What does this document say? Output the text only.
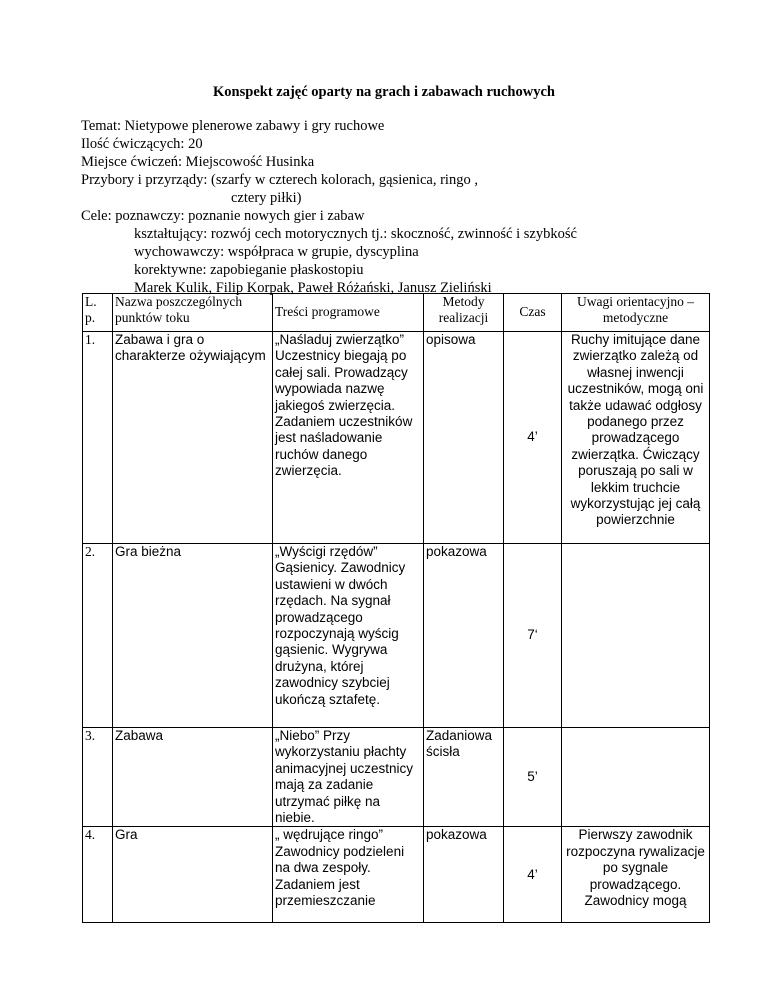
Konspekt zajęć oparty na grach i zabawach ruchowych
Temat: Nietypowe plenerowe zabawy i gry ruchowe
Ilość ćwiczących: 20
Miejsce ćwiczeń: Miejscowość Husinka
Przybory i przyrządy: (szarfy w czterech kolorach, gąsienica, ringo ,
cztery piłki)
Cele: poznawczy: poznanie nowych gier i zabaw
kształtujący: rozwój cech motorycznych tj.: skoczność, zwinność i szybkość
wychowawczy: współpraca w grupie, dyscyplina
korektywne: zapobieganie płaskostopiu
Marek Kulik, Filip Korpak, Paweł Różański, Janusz Zieliński
L. p.	Nazwa poszczególnych punktów toku	Treści programowe	Metody realizacji	Czas	Uwagi orientacyjno – metodyczne
1.	Zabawa i gra o charakterze ożywiającym	„Naśladuj zwierzątko” Uczestnicy biegają po całej sali. Prowadzący wypowiada nazwę jakiegoś zwierzęcia. Zadaniem uczestników jest naśladowanie ruchów danego zwierzęcia.	opisowa	4’	Ruchy imitujące dane zwierzątko zależą od własnej inwencji uczestników, mogą oni także udawać odgłosy podanego przez prowadzącego zwierzątka. Ćwiczący poruszają po sali w lekkim truchcie wykorzystując jej całą powierzchnie
2.	Gra bieżna	„Wyścigi rzędów” Gąsienicy. Zawodnicy ustawieni w dwóch rzędach. Na sygnał prowadzącego rozpoczynają wyścig gąsienic. Wygrywa drużyna, której zawodnicy szybciej ukończą sztafetę.	pokazowa	7‘	
3.	Zabawa	„Niebo” Przy wykorzystaniu płachty animacyjnej uczestnicy mają za zadanie utrzymać piłkę na niebie.	Zadaniowa ścisła	5’	
4.	Gra	„ wędrujące ringo” Zawodnicy podzieleni na dwa zespoły. Zadaniem jest przemieszczanie	pokazowa	4’	Pierwszy zawodnik rozpoczyna rywalizacje po sygnale prowadzącego. Zawodnicy mogą
